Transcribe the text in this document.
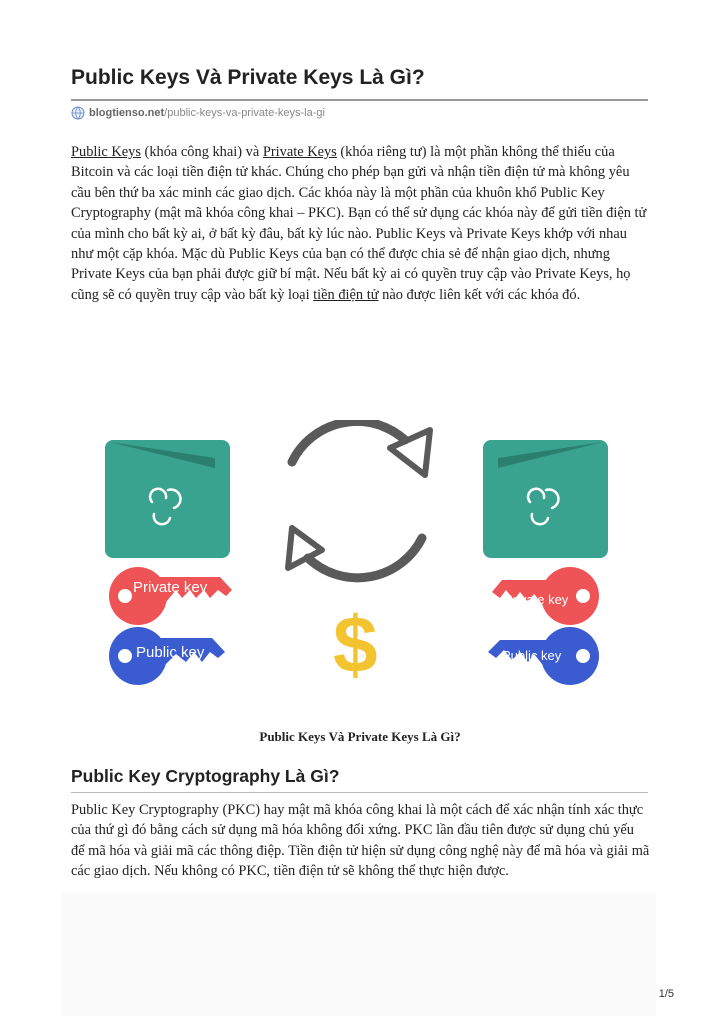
Public Keys Và Private Keys Là Gì?
blogtienso.net /public-keys-va-private-keys-la-gi

Public Keys (khóa công khai) và Private Keys (khóa riêng tư) là một phần không thể thiếu của Bitcoin và các loại tiền điện tử khác. Chúng cho phép bạn gửi và nhận tiền điện tử mà không yêu cầu bên thứ ba xác minh các giao dịch. Các khóa này là một phần của khuôn khổ Public Key Cryptography (mật mã khóa công khai – PKC). Bạn có thể sử dụng các khóa này để gửi tiền điện tử của mình cho bất kỳ ai, ở bất kỳ đâu, bất kỳ lúc nào. Public Keys và Private Keys khớp với nhau như một cặp khóa. Mặc dù Public Keys của bạn có thể được chia sẻ để nhận giao dịch, nhưng Private Keys của bạn phải được giữ bí mật. Nếu bất kỳ ai có quyền truy cập vào Private Keys, họ cũng sẽ có quyền truy cập vào bất kỳ loại tiền điện tử nào được liên kết với các khóa đó.

Private key
Public key $
Private key
Public key
Public Keys Và Private Keys Là Gì?
Public Key Cryptography Là Gì?

Public Key Cryptography (PKC) hay mật mã khóa công khai là một cách để xác nhận tính xác thực của thứ gì đó bằng cách sử dụng mã hóa không đối xứng. PKC lần đầu tiên được sử dụng chủ yếu để mã hóa và giải mã các thông điệp. Tiền điện tử hiện sử dụng công nghệ này để mã hóa và giải mã các giao dịch. Nếu không có PKC, tiền điện tử sẽ không thể thực hiện được.

1/5
